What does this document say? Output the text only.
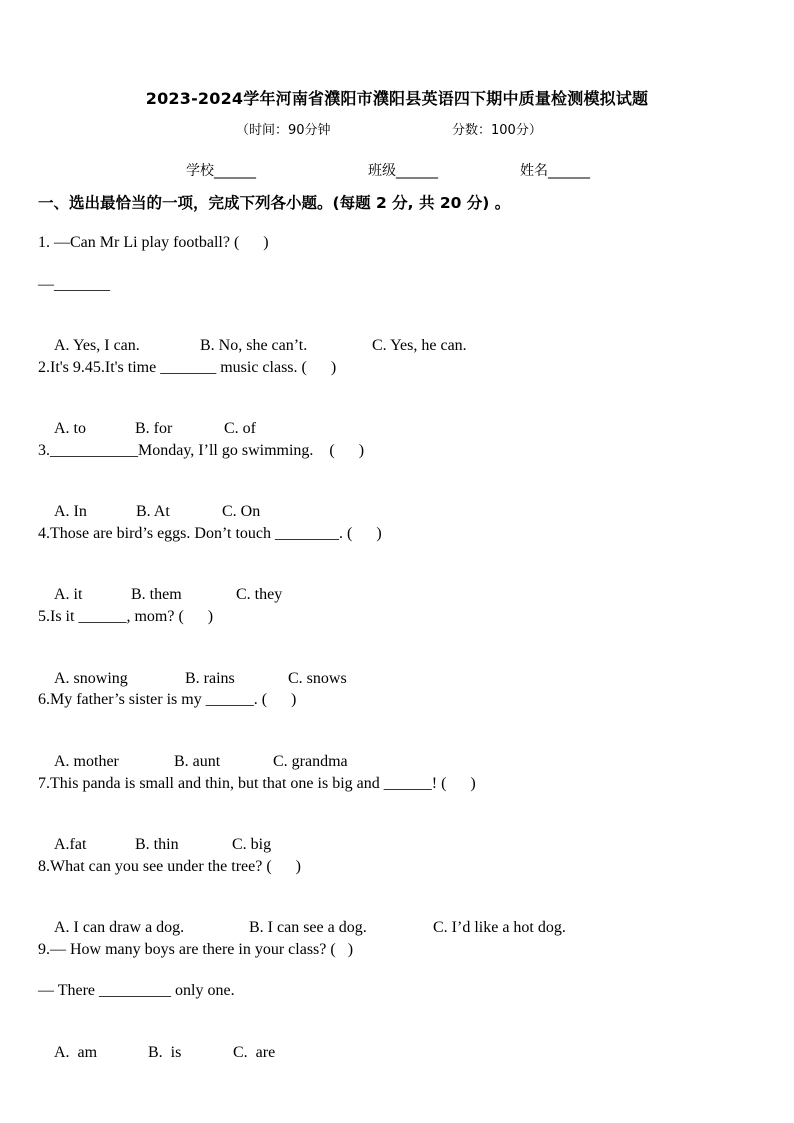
2023-2024学年河南省濮阳市濮阳县英语四下期中质量检测模拟试题
（时间：90分钟	分数：100分）
学校______	班级______	姓名______
一、选出最恰当的一项，完成下列各小题。(每题 2 分, 共 20 分) 。
1. —Can Mr Li play football? (      )
—_______

A. Yes, I can.	B. No, she can’t.	C. Yes, he can.

2.It's 9.45.It's time _______ music class. (      )

A. to	B. for	C. of

3.___________Monday, I’ll go swimming.    (      )

A. In	B. At	C. On

4.Those are bird’s eggs. Don’t touch ________. (      )

A. it	B. them	C. they

5.Is it ______, mom? (      )

A. snowing	B. rains	C. snows

6.My father’s sister is my ______. (      )

A. mother	B. aunt	C. grandma

7.This panda is small and thin, but that one is big and ______! (      )

A.fat	B. thin	C. big

8.What can you see under the tree? (      )

A. I can draw a dog.	B. I can see a dog.	C. I’d like a hot dog.

9.— How many boys are there in your class? (   )
— There _________ only one.

A.  am	B.  is	C.  are
